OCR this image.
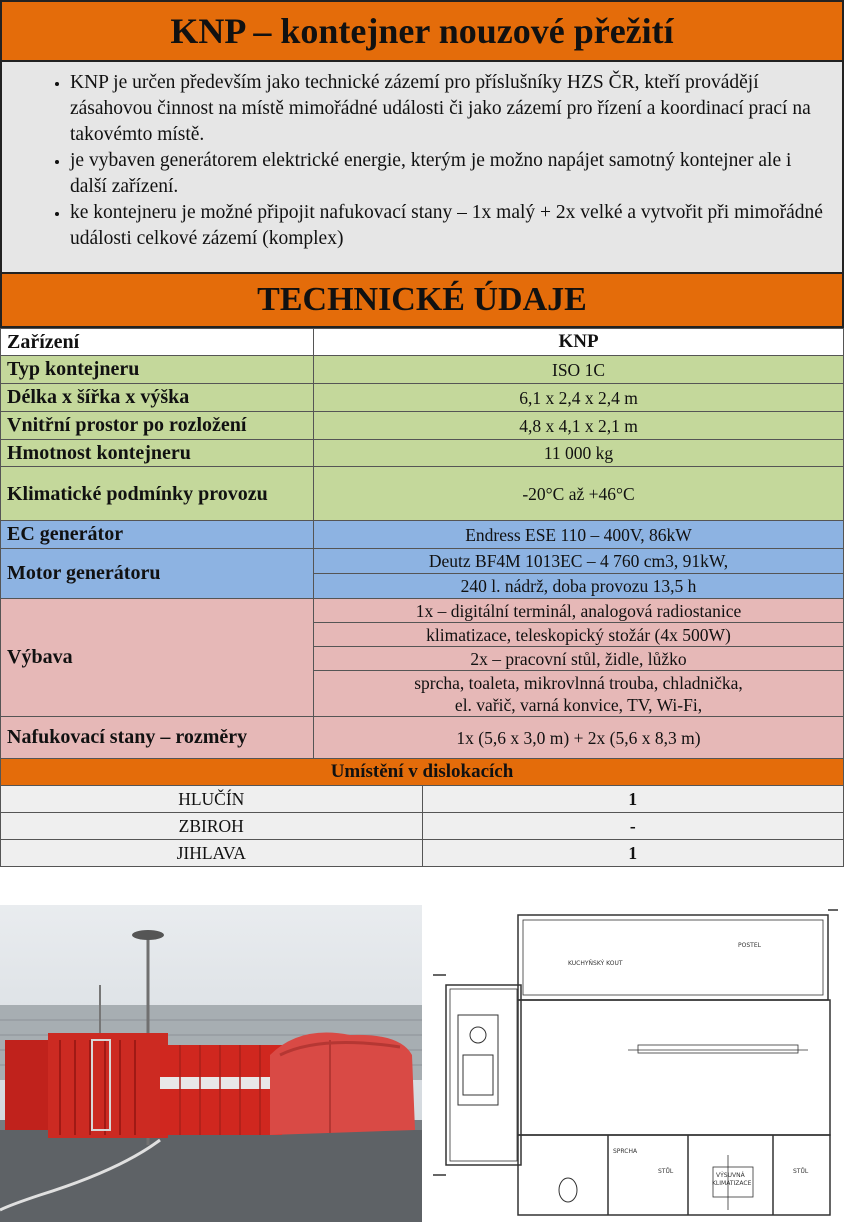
KNP – kontejner nouzové přežití
• KNP je určen především jako technické zázemí pro příslušníky HZS ČR, kteří provádějí zásahovou činnost na místě mimořádné události či jako zázemí pro řízení a koordinací prací na takovémto místě.
• je vybaven generátorem elektrické energie, kterým je možno napájet samotný kontejner ale i další zařízení.
• ke kontejneru je možné připojit nafukovací stany – 1x malý + 2x velké a vytvořit při mimořádné události celkové zázemí (komplex)
TECHNICKÉ ÚDAJE
Zařízení	KNP
Typ kontejneru	ISO 1C
Délka x šířka x výška	6,1 x 2,4 x 2,4 m
Vnitřní prostor po rozložení	4,8 x 4,1 x 2,1 m
Hmotnost kontejneru	11 000 kg
Klimatické podmínky provozu	-20°C až +46°C
EC generátor	Endress ESE 110 – 400V, 86kW
Motor generátoru	Deutz BF4M 1013EC – 4 760 cm3, 91kW,
	240 l. nádrž, doba provozu 13,5 h
Výbava	1x – digitální terminál, analogová radiostanice
	klimatizace, teleskopický stožár (4x 500W)
	2x – pracovní stůl, židle, lůžko

	sprcha, toaleta, mikrovlnná trouba, chladnička,
el. vařič, varná konvice, TV, Wi-Fi,

Nafukovací stany – rozměry	1x (5,6 x 3,0 m) + 2x (5,6 x 8,3 m)
Umístění v dislokacích	
HLUČÍN	1
ZBIROH	-
JIHLAVA	1
KUCHYŇSKÝ KOUT
POSTEL
SPRCHA
STŮL	STŮL
VÝSUVNÁ
KLIMATIZACE
